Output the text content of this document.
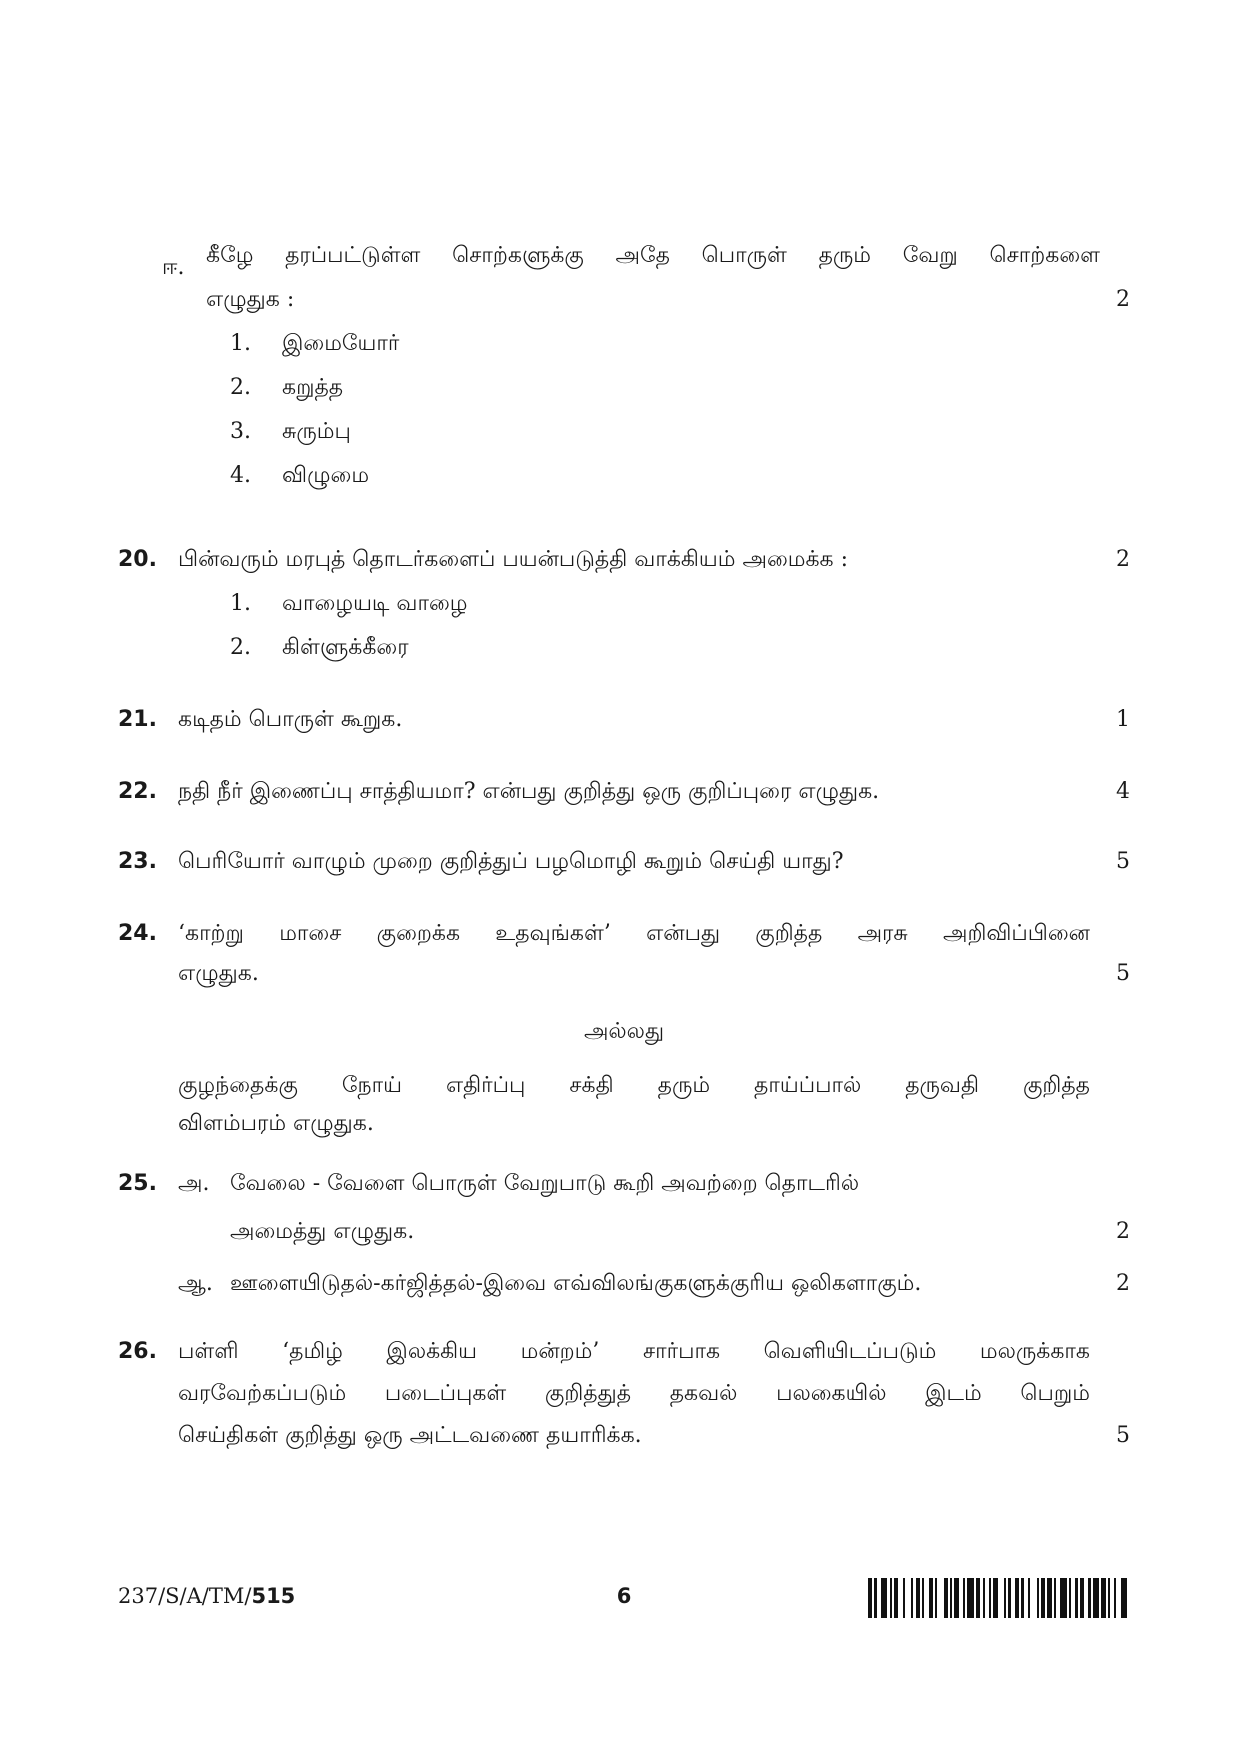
ஈ. கீழே தரப்பட்டுள்ள சொற்களுக்கு அதே பொருள் தரும் வேறு சொற்களை
எழுதுக :	2
1. இமையோர்
2. கறுத்த
3. சுரும்பு
4. விழுமை
20. பின்வரும் மரபுத் தொடர்களைப் பயன்படுத்தி வாக்கியம் அமைக்க :	2
1. வாழையடி வாழை
2. கிள்ளுக்கீரை
21. கடிதம் பொருள் கூறுக.	1
22. நதி நீர் இணைப்பு சாத்தியமா? என்பது குறித்து ஒரு குறிப்புரை எழுதுக.	4
23. பெரியோர் வாழும் முறை குறித்துப் பழமொழி கூறும் செய்தி யாது?	5
24. ‘காற்று மாசை குறைக்க உதவுங்கள்’ என்பது குறித்த அரசு அறிவிப்பினை
எழுதுக.	5
அல்லது
குழந்தைக்கு நோய் எதிர்ப்பு சக்தி தரும் தாய்ப்பால் தருவதி குறித்த
விளம்பரம் எழுதுக.
25. அ. வேலை - வேளை பொருள் வேறுபாடு கூறி அவற்றை தொடரில்
அமைத்து எழுதுக.	2
ஆ. ஊளையிடுதல்-கர்ஜித்தல்-இவை எவ்விலங்குகளுக்குரிய ஒலிகளாகும்.	2
26. பள்ளி ‘தமிழ் இலக்கிய மன்றம்’ சார்பாக வெளியிடப்படும் மலருக்காக
வரவேற்கப்படும் படைப்புகள் குறித்துத் தகவல் பலகையில் இடம் பெறும்
செய்திகள் குறித்து ஒரு அட்டவணை தயாரிக்க.	5
237/S/A/TM/515	6
